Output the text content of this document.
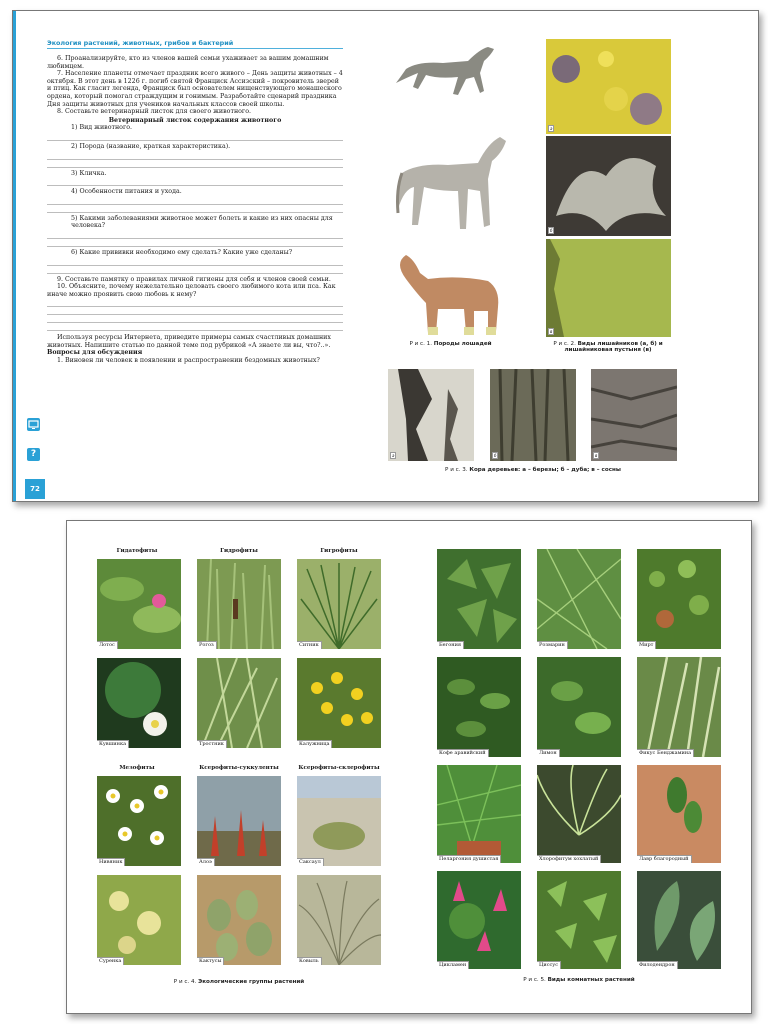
Экология растений, животных, грибов и бактерий

6. Проанализируйте, кто из членов вашей семьи ухаживает за вашим домашним любимцем.

7. Население планеты отмечает праздник всего живого – День защиты животных – 4 октября. В этот день в 1226 г. погиб святой Франциск Ассизский – покровитель зверей и птиц. Как гласит легенда, Франциск был основателем нищенствующего монашеского ордена, который помогал страждущим и гонимым. Разработайте сценарий праздника Дня защиты животных для учеников начальных классов своей школы.

8. Составьте ветеринарный листок для своего животного.

Ветеринарный листок содержания животного

1) Вид животного.

2) Порода (название, краткая характеристика).

3) Кличка.

4) Особенности питания и ухода.

5) Какими заболеваниями животное может болеть и какие из них опасны для человека?

6) Какие прививки необходимо ему сделать? Какие уже сделаны?

9. Составьте памятку о правилах личной гигиены для себя и членов своей семьи.

10. Объясните, почему нежелательно целовать своего любимого кота или пса. Как иначе можно проявить свою любовь к нему?

Используя ресурсы Интернета, приведите примеры самых счастливых домашних животных. Напишите статью по данной теме под рубрикой «А знаете ли вы, что?..».

Вопросы для обсуждения

1. Виновен ли человек в появлении и распространении бездомных животных?

?
72
Р и с. 1. Породы лошадей
а
б
в
Р и с. 2. Виды лишайников (а, б) и лишайниковая пустыня (в)
а	б	в
Р и с. 3. Кора деревьев: а – березы; б – дуба; в – сосны
Гидатофиты	Гидрофиты	Гигрофиты
Мезофиты	Ксерофиты-суккуленты	Ксерофиты-склерофиты
Лотос	Рогоз	Ситник
Кувшинка	Тростник	Калужница
Нивяник	Алоэ	Саксаул
Суренка	Кактусы	Ковыль
Р и с. 4. Экологические группы растений
Бегония	Розмарин	Мирт
Кофе аравийский	Лимон	Фикус Бенджамина
Пеларгония душистая	Хлорофитум хохлатый	Лавр благородный
Цикламен	Циссус	Филодендрон
Р и с. 5. Виды комнатных растений
